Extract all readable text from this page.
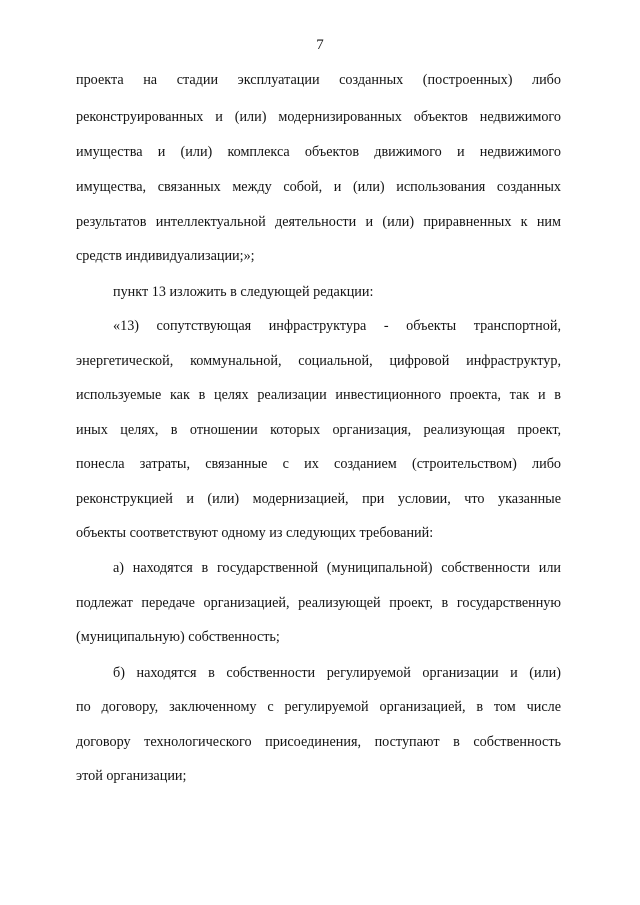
7
проекта на стадии эксплуатации созданных (построенных) либо
реконструированных и (или) модернизированных объектов недвижимого
имущества и (или) комплекса объектов движимого и недвижимого
имущества, связанных между собой, и (или) использования созданных
результатов интеллектуальной деятельности и (или) приравненных к ним
средств индивидуализации;»;
пункт 13 изложить в следующей редакции:
«13) сопутствующая инфраструктура - объекты транспортной,
энергетической, коммунальной, социальной, цифровой инфраструктур,
используемые как в целях реализации инвестиционного проекта, так и в
иных целях, в отношении которых организация, реализующая проект,
понесла затраты, связанные с их созданием (строительством) либо
реконструкцией и (или) модернизацией, при условии, что указанные
объекты соответствуют одному из следующих требований:
а) находятся в государственной (муниципальной) собственности или
подлежат передаче организацией, реализующей проект, в государственную
(муниципальную) собственность;
б) находятся в собственности регулируемой организации и (или)
по договору, заключенному с регулируемой организацией, в том числе
договору технологического присоединения, поступают в собственность
этой организации;
